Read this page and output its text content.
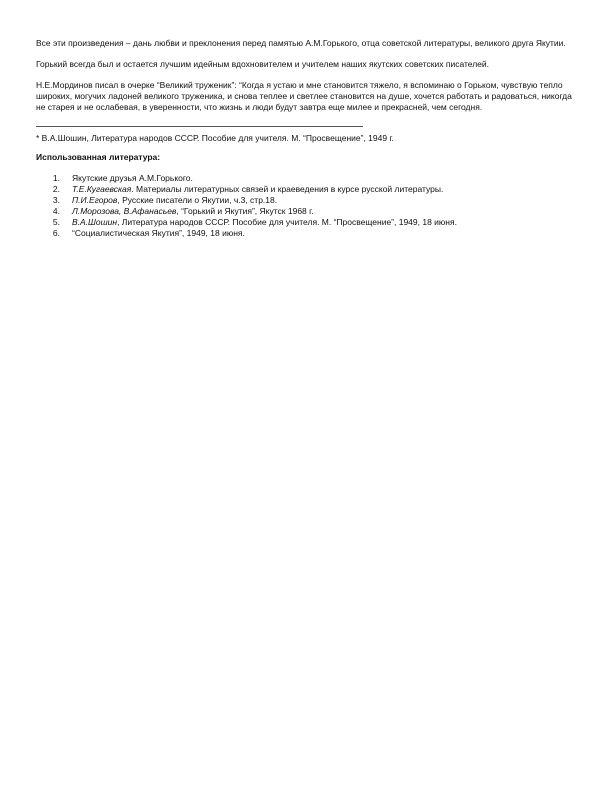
Все эти произведения – дань любви и преклонения перед памятью А.М.Горького, отца советской литературы, великого друга Якутии.

Горький всегда был и остается лучшим идейным вдохновителем и учителем наших якутских советских писателей.

Н.Е.Мординов писал в очерке “Великий труженик”: “Когда я устаю и мне становится тяжело, я вспоминаю о Горьком, чувствую тепло широких, могучих ладоней великого труженика, и снова теплее и светлее становится на душе, хочется работать и радоваться, никогда не старея и не ослабевая, в уверенности, что жизнь и люди будут завтра еще милее и прекрасней, чем сегодня.

* В.А.Шошин, Литература народов СССР. Пособие для учителя. М. “Просвещение”, 1949 г.
Использованная литература:
1.	Якутские друзья А.М.Горького.
2.	Т.Е.Кугаевская. Материалы литературных связей и краеведения в курсе русской литературы.
3.	П.И.Егоров, Русские писатели о Якутии, ч.3, стр.18.
4.	Л.Морозова, В.Афанасьев, “Горький и Якутия”, Якутск 1968 г.
5.	В.А.Шошин, Литература народов СССР. Пособие для учителя. М. “Просвещение”, 1949, 18 июня.
6.	“Социалистическая Якутия”, 1949, 18 июня.
